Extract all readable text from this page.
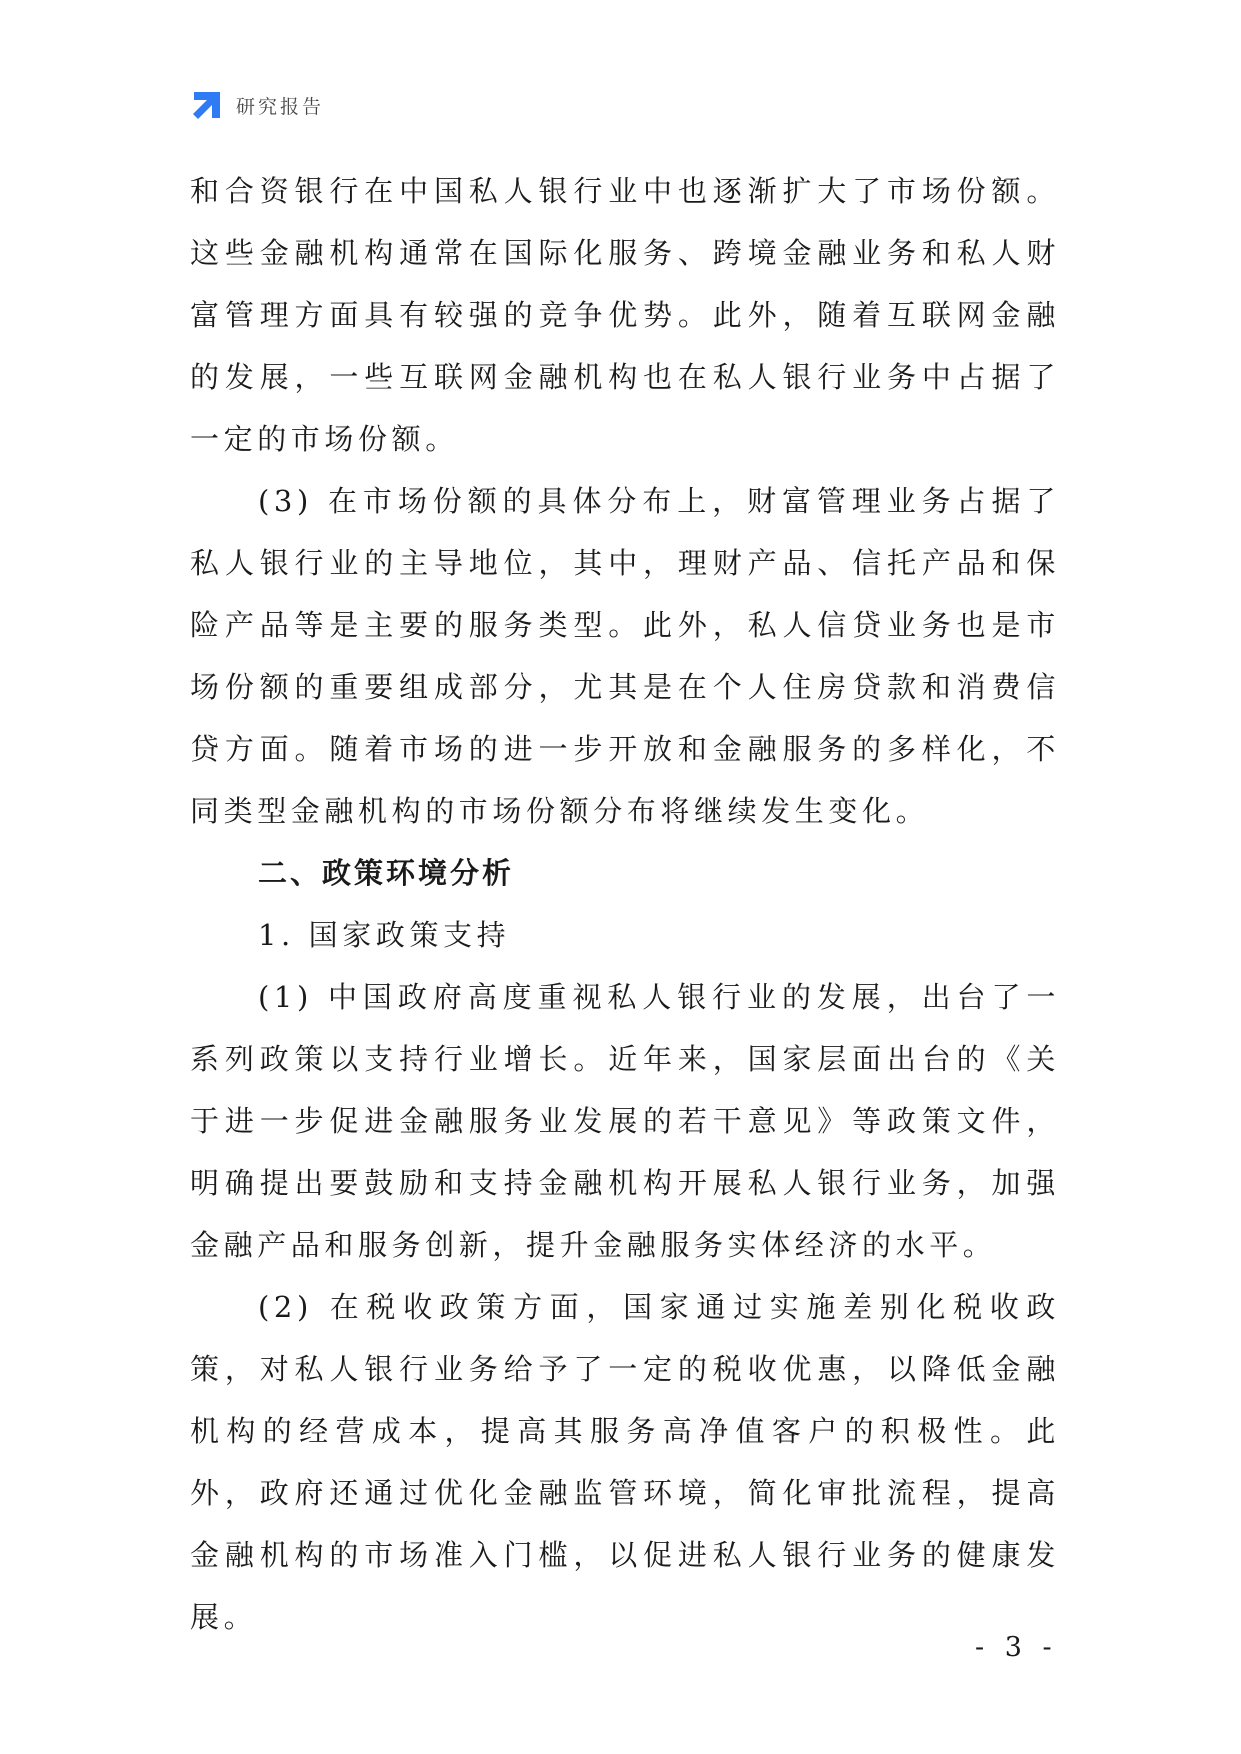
研究报告

和合资银行在中国私人银行业中也逐渐扩大了市场份额。这些金融机构通常在国际化服务、跨境金融业务和私人财富管理方面具有较强的竞争优势。此外，随着互联网金融的发展，一些互联网金融机构也在私人银行业务中占据了一定的市场份额。

(3) 在市场份额的具体分布上，财富管理业务占据了私人银行业的主导地位，其中，理财产品、信托产品和保险产品等是主要的服务类型。此外，私人信贷业务也是市场份额的重要组成部分，尤其是在个人住房贷款和消费信贷方面。随着市场的进一步开放和金融服务的多样化，不同类型金融机构的市场份额分布将继续发生变化。

二、政策环境分析

1. 国家政策支持

(1) 中国政府高度重视私人银行业的发展，出台了一系列政策以支持行业增长。近年来，国家层面出台的《关于进一步促进金融服务业发展的若干意见》等政策文件，明确提出要鼓励和支持金融机构开展私人银行业务，加强金融产品和服务创新，提升金融服务实体经济的水平。

(2) 在税收政策方面，国家通过实施差别化税收政策，对私人银行业务给予了一定的税收优惠，以降低金融机构的经营成本，提高其服务高净值客户的积极性。此外，政府还通过优化金融监管环境，简化审批流程，提高金融机构的市场准入门槛，以促进私人银行业务的健康发展。

- 3 -
